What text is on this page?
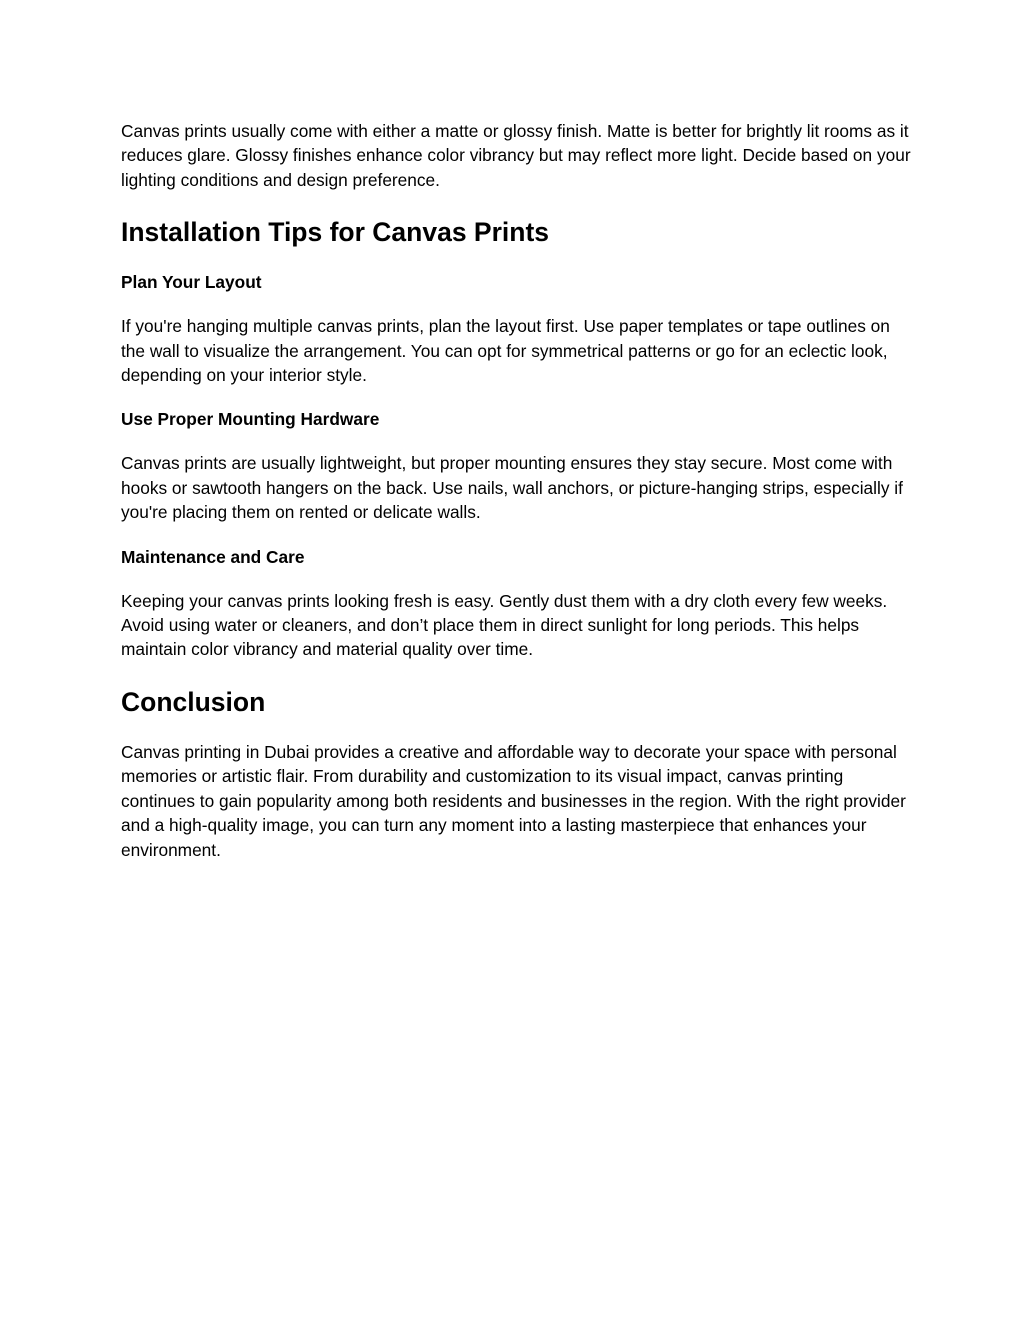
Canvas prints usually come with either a matte or glossy finish. Matte is better for brightly lit rooms as it reduces glare. Glossy finishes enhance color vibrancy but may reflect more light. Decide based on your lighting conditions and design preference.

Installation Tips for Canvas Prints
Plan Your Layout

If you're hanging multiple canvas prints, plan the layout first. Use paper templates or tape outlines on the wall to visualize the arrangement. You can opt for symmetrical patterns or go for an eclectic look, depending on your interior style.

Use Proper Mounting Hardware

Canvas prints are usually lightweight, but proper mounting ensures they stay secure. Most come with hooks or sawtooth hangers on the back. Use nails, wall anchors, or picture-hanging strips, especially if you're placing them on rented or delicate walls.

Maintenance and Care

Keeping your canvas prints looking fresh is easy. Gently dust them with a dry cloth every few weeks. Avoid using water or cleaners, and don’t place them in direct sunlight for long periods. This helps maintain color vibrancy and material quality over time.

Conclusion

Canvas printing in Dubai provides a creative and affordable way to decorate your space with personal memories or artistic flair. From durability and customization to its visual impact, canvas printing continues to gain popularity among both residents and businesses in the region. With the right provider and a high-quality image, you can turn any moment into a lasting masterpiece that enhances your environment.
